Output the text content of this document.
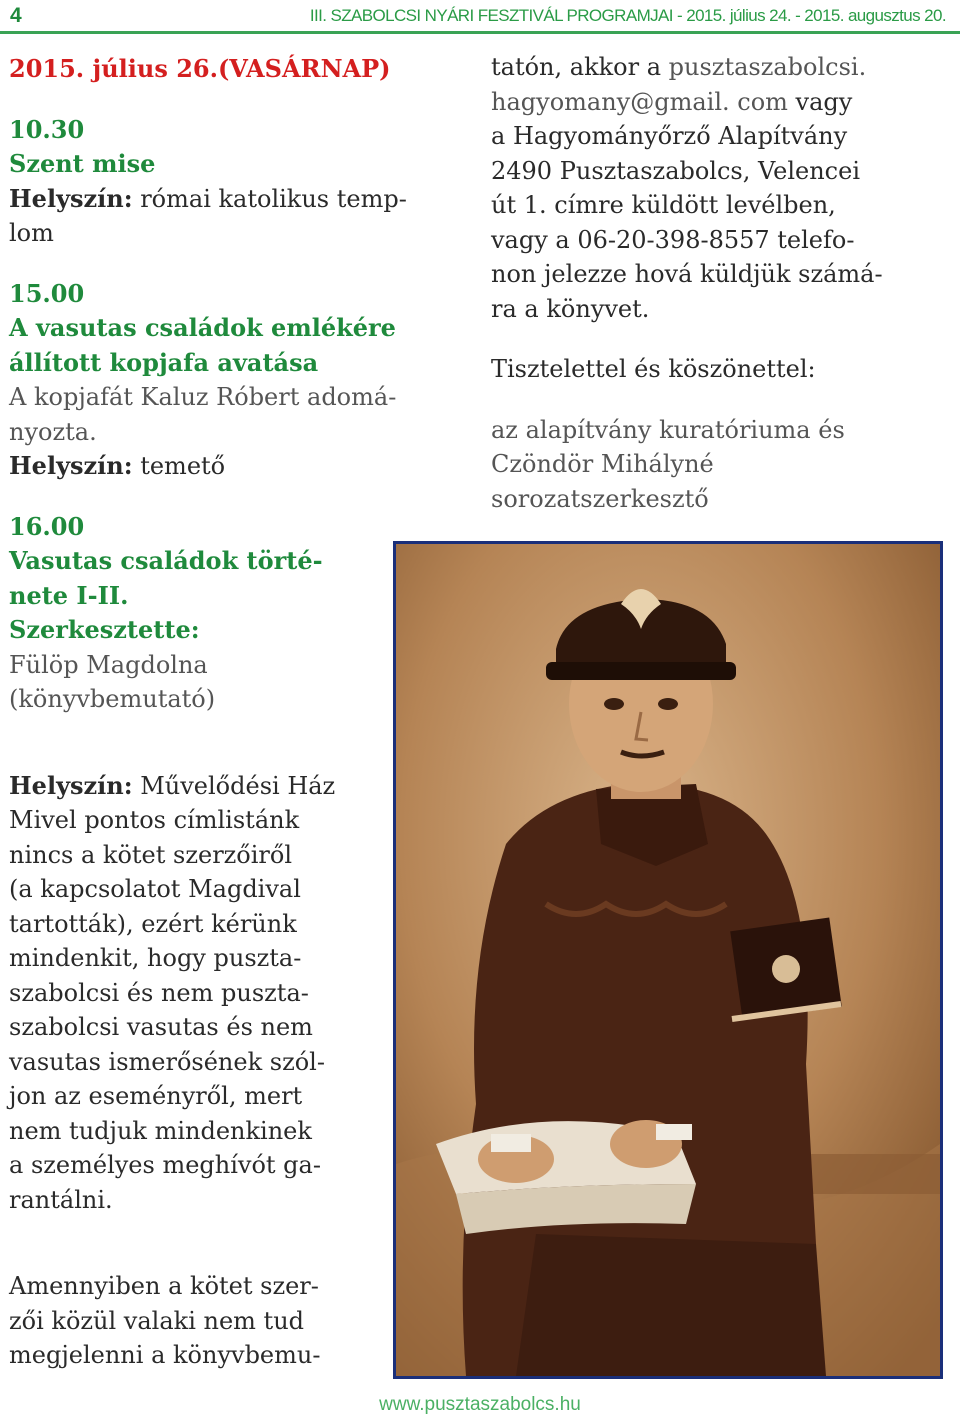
4	III. SZABOLCSI NYÁRI FESZTIVÁL PROGRAMJAI - 2015. július 24. - 2015. augusztus 20.

2015. július 26.(VASÁRNAP)

10.30

Szent mise

Helyszín: római katolikus temp-

lom

15.00

A vasutas családok emlékére

állított kopjafa avatása

A kopjafát Kaluz Róbert adomá-

nyozta.

Helyszín: temető

16.00

Vasutas családok törté-

nete I-II.

Szerkesztette:

Fülöp Magdolna

(könyvbemutató)

Helyszín: Művelődési Ház

Mivel pontos címlistánk

nincs a kötet szerzőiről

(a kapcsolatot Magdival

tartották), ezért kérünk

mindenkit, hogy puszta-

szabolcsi és nem puszta-

szabolcsi vasutas és nem

vasutas ismerősének szól-

jon az eseményről, mert

nem tudjuk mindenkinek

a személyes meghívót ga-

rantálni.

Amennyiben a kötet szer-

zői közül valaki nem tud

megjelenni a könyvbemu-

tatón, akkor a pusztaszabolcsi.

hagyomany@gmail. com vagy

a Hagyományőrző Alapítvány

2490 Pusztaszabolcs, Velencei

út 1. címre küldött levélben,

vagy a 06-20-398-8557 telefo-

non jelezze hová küldjük számá-

ra a könyvet.

Tisztelettel és köszönettel:

az alapítvány kuratóriuma és

Czöndör Mihályné

sorozatszerkesztő

www.pusztaszabolcs.hu
